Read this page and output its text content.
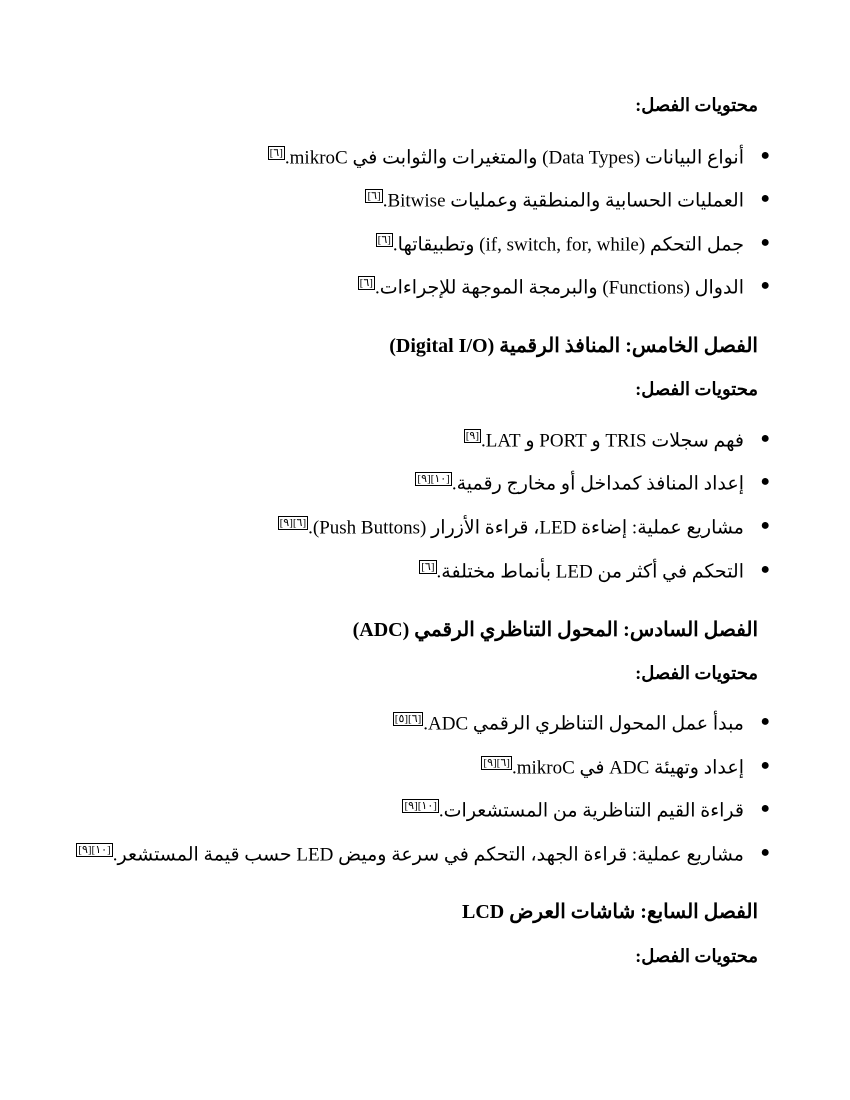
محتويات الفصل:
●
أنواع البيانات (Data Types) والمتغيرات والثوابت في mikroC.[٦]
●
العمليات الحسابية والمنطقية وعمليات Bitwise.[٦]
●
جمل التحكم (if, switch, for, while) وتطبيقاتها.[٦]
●
الدوال (Functions) والبرمجة الموجهة للإجراءات.[٦]
الفصل الخامس: المنافذ الرقمية (Digital I/O)
محتويات الفصل:
●
فهم سجلات TRIS و PORT و LAT.[٩]
●
إعداد المنافذ كمداخل أو مخارج رقمية.[١٠][٩]
●
مشاريع عملية: إضاءة LED، قراءة الأزرار (Push Buttons).[٦][٩]
●
التحكم في أكثر من LED بأنماط مختلفة.[٦]
الفصل السادس: المحول التناظري الرقمي (ADC)
محتويات الفصل:
●
مبدأ عمل المحول التناظري الرقمي ADC.[٦][٥]
●
إعداد وتهيئة ADC في mikroC.[٦][٩]
●
قراءة القيم التناظرية من المستشعرات.[١٠][٩]
●
مشاريع عملية: قراءة الجهد، التحكم في سرعة وميض LED حسب قيمة المستشعر.[١٠][٩]
الفصل السابع: شاشات العرض LCD
محتويات الفصل:
